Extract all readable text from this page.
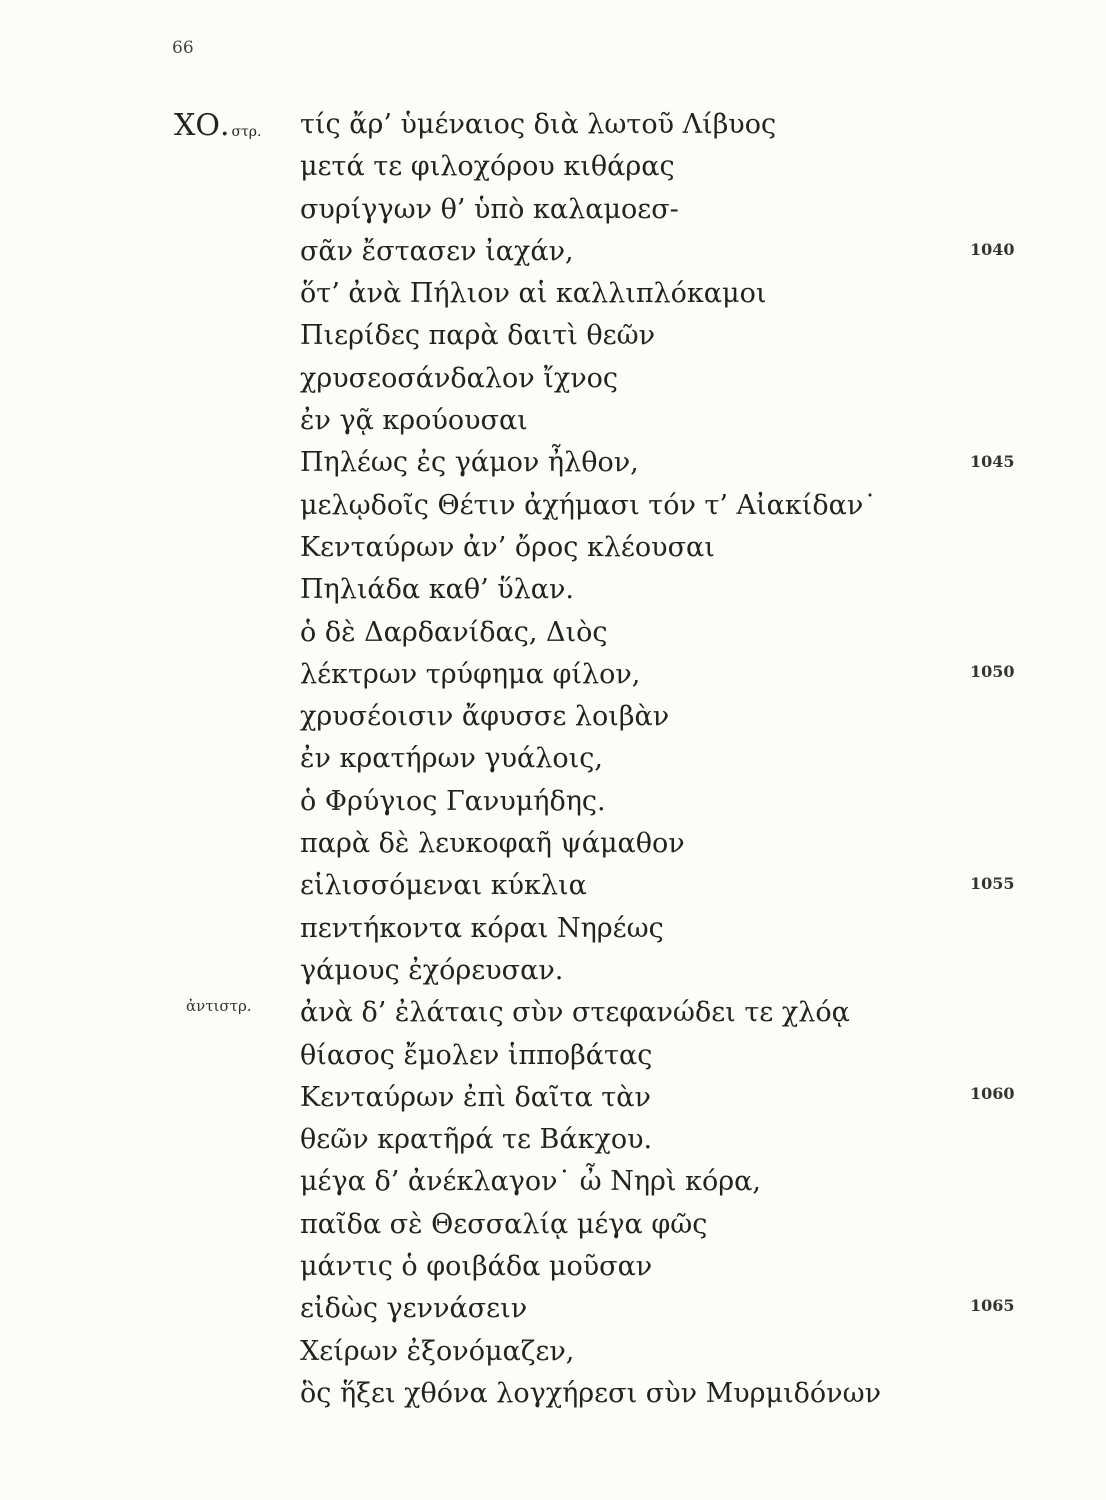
66
ΧΟ. $^{\sigma\tau\rho.}$
ἀντιστρ.
τίς ἄρ’ ὑμέναιος διὰ λωτοῦ Λίβυος
μετά τε φιλοχόρου κιθάρας
συρίγγων θ’ ὑπὸ καλαμοεσ-
σᾶν ἔστασεν ἰαχάν,
ὅτ’ ἀνὰ Πήλιον αἱ καλλιπλόκαμοι
Πιερίδες παρὰ δαιτὶ θεῶν
χρυσεοσάνδαλον ἴχνος
ἐν γᾷ κρούουσαι
Πηλέως ἐς γάμον ἦλθον,
μελῳδοῖς Θέτιν ἀχήμασι τόν τ’ Αἰακίδαν˙
Κενταύρων ἀν’ ὄρος κλέουσαι
Πηλιάδα καθ’ ὕλαν.
ὁ δὲ Δαρδανίδας, Διὸς
λέκτρων τρύφημα φίλον,
χρυσέοισιν ἄφυσσε λοιβὰν
ἐν κρατήρων γυάλοις,
ὁ Φρύγιος Γανυμήδης.
παρὰ δὲ λευκοφαῆ ψάμαθον
εἱλισσόμεναι κύκλια
πεντήκοντα κόραι Νηρέως
γάμους ἐχόρευσαν.
ἀνὰ δ’ ἐλάταις σὺν στεφανώδει τε χλόᾳ
θίασος ἔμολεν ἱπποβάτας
Κενταύρων ἐπὶ δαῖτα τὰν
θεῶν κρατῆρά τε Βάκχου.
μέγα δ’ ἀνέκλαγον˙ ὦ Νηρὶ κόρα,
παῖδα σὲ Θεσσαλίᾳ μέγα φῶς
μάντις ὁ φοιβάδα μοῦσαν
εἰδὼς γεννάσειν
Χείρων ἐξονόμαζεν,
ὃς ἥξει χθόνα λογχήρεσι σὺν Μυρμιδόνων
1040
1045
1050
1055
1060
1065
